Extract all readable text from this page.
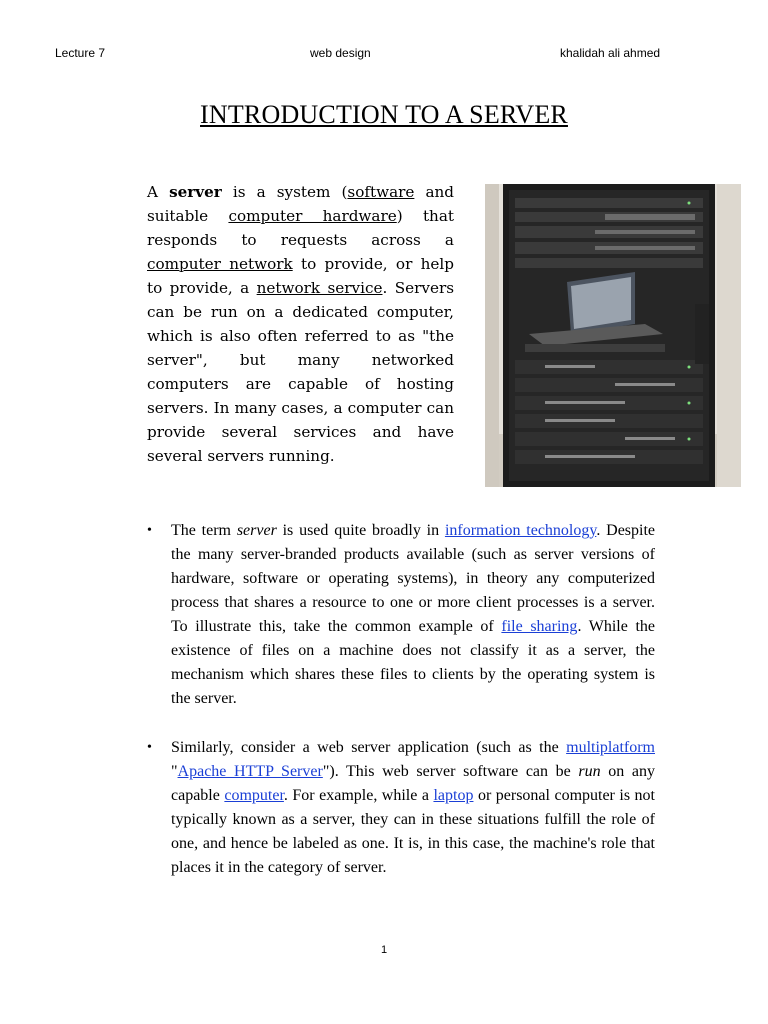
Lecture 7	web design	khalidah ali ahmed
INTRODUCTION TO A SERVER
A server is a system (software and suitable computer hardware) that responds to requests across a computer network to provide, or help to provide, a network service. Servers can be run on a dedicated computer, which is also often referred to as "the server", but many networked computers are capable of hosting servers. In many cases, a computer can provide several services and have several servers running.
• The term server is used quite broadly in information technology. Despite the many server-branded products available (such as server versions of hardware, software or operating systems), in theory any computerized process that shares a resource to one or more client processes is a server. To illustrate this, take the common example of file sharing. While the existence of files on a machine does not classify it as a server, the mechanism which shares these files to clients by the operating system is the server.
• Similarly, consider a web server application (such as the multiplatform "Apache HTTP Server"). This web server software can be run on any capable computer. For example, while a laptop or personal computer is not typically known as a server, they can in these situations fulfill the role of one, and hence be labeled as one. It is, in this case, the machine's role that places it in the category of server.
1
